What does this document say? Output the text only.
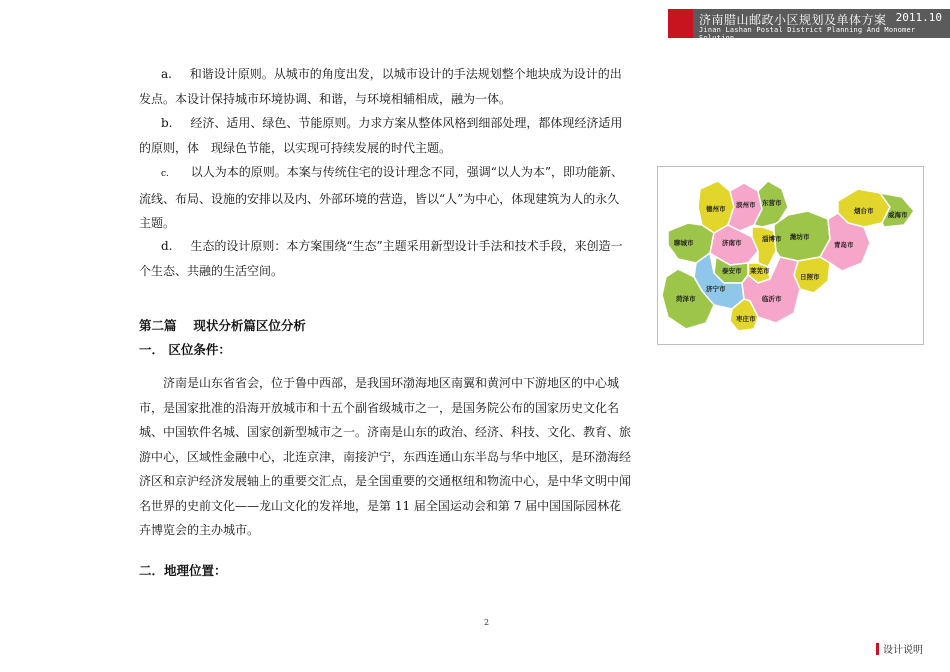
济南腊山邮政小区规划及单体方案 2011.10
Jinan Lashan Postal District Planning And Monomer Solution

a. 和谐设计原则。从城市的角度出发，以城市设计的手法规划整个地块成为设计的出发点。本设计保持城市环境协调、和谐，与环境相辅相成，融为一体。

b. 经济、适用、绿色、节能原则。力求方案从整体风格到细部处理，都体现经济适用的原则，体　现绿色节能，以实现可持续发展的时代主题。

c. 以人为本的原则。本案与传统住宅的设计理念不同，强调“以人为本”，即功能新、流线、布局、设施的安排以及内、外部环境的营造，皆以“人”为中心，体现建筑为人的永久主题。

d. 生态的设计原则：本方案围绕“生态”主题采用新型设计手法和技术手段，来创造一个生态、共融的生活空间。

第二篇　 现状分析篇区位分析
一． 区位条件：

济南是山东省省会，位于鲁中西部，是我国环渤海地区南翼和黄河中下游地区的中心城市，是国家批准的沿海开放城市和十五个副省级城市之一，是国务院公布的国家历史文化名城、中国软件名城、国家创新型城市之一。济南是山东的政治、经济、科技、文化、教育、旅游中心，区域性金融中心，北连京津，南接沪宁，东西连通山东半岛与华中地区，是环渤海经济区和京沪经济发展轴上的重要交汇点，是全国重要的交通枢纽和物流中心，是中华文明中闻名世界的史前文化——龙山文化的发祥地，是第 11 届全国运动会和第 7 届中国国际园林花卉博览会的主办城市。

二．地理位置：
德州市 滨州市 东营市
烟台市 威海市
聊城市	济南市	淄博市 潍坊市
青岛市
莱芜市
泰安市
济宁市
菏泽市
日照市
临沂市
枣庄市
2
设计说明
